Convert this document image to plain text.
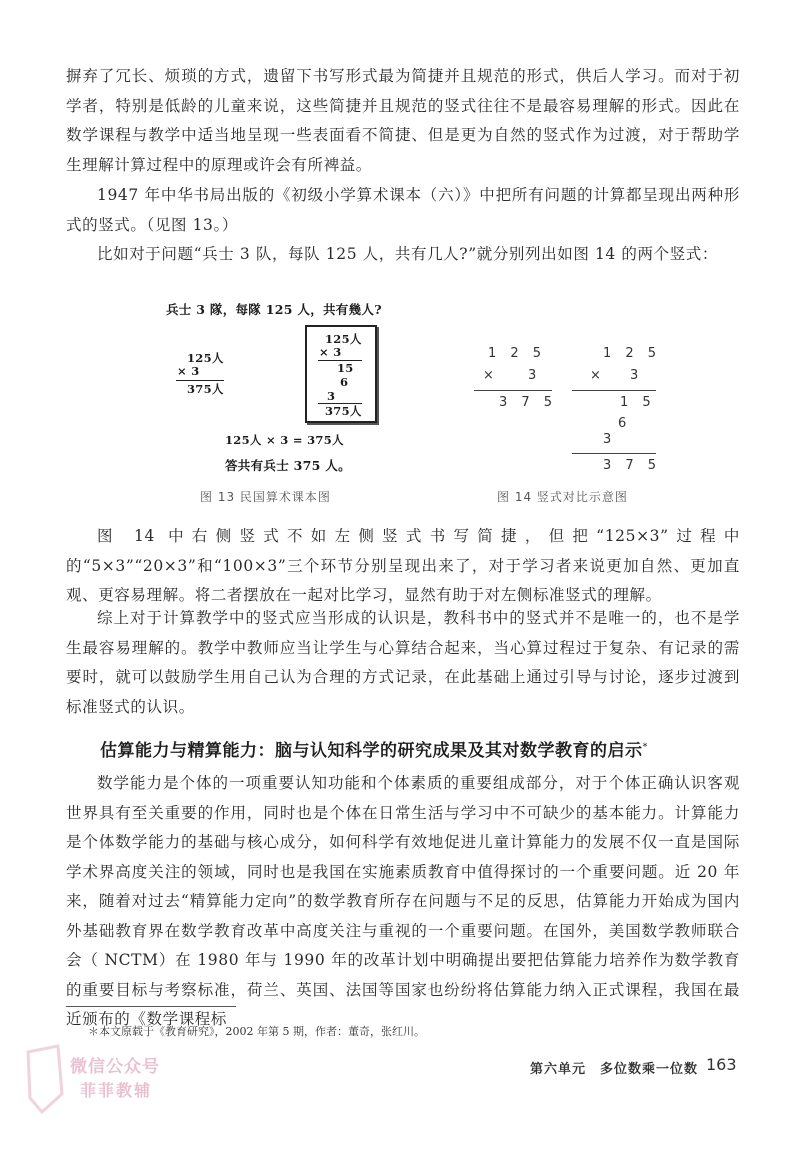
摒弃了冗长、烦琐的方式，遗留下书写形式最为简捷并且规范的形式，供后人学习。而对于初学者，特别是低龄的儿童来说，这些简捷并且规范的竖式往往不是最容易理解的形式。因此在数学课程与教学中适当地呈现一些表面看不简捷、但是更为自然的竖式作为过渡，对于帮助学生理解计算过程中的原理或许会有所裨益。

1947 年中华书局出版的《初级小学算术课本（六）》中把所有问题的计算都呈现出两种形式的竖式。（见图 13。）

比如对于问题“兵士 3 队，每队 125 人，共有几人?”就分别列出如图 14 的两个竖式：

兵士 3 隊，每隊 125 人，共有幾人?
125人
× 3
375人
125人
× 3
15
6
3
375人
125人 × 3 = 375人
答共有兵士 375 人。
图 13 民国算术课本图
1 2 5
× 3
3 7 5
1 2 5
× 3
1 5
6
3
3 7 5
图 14 竖式对比示意图

图 14 中右侧竖式不如左侧竖式书写简捷，但把“125×3”过程中的“5×3”“20×3”和“100×3”三个环节分别呈现出来了，对于学习者来说更加自然、更加直观、更容易理解。将二者摆放在一起对比学习，显然有助于对左侧标准竖式的理解。

综上对于计算教学中的竖式应当形成的认识是，教科书中的竖式并不是唯一的，也不是学生最容易理解的。教学中教师应当让学生与心算结合起来，当心算过程过于复杂、有记录的需要时，就可以鼓励学生用自己认为合理的方式记录，在此基础上通过引导与讨论，逐步过渡到标准竖式的认识。

估算能力与精算能力：脑与认知科学的研究成果及其对数学教育的启示*

数学能力是个体的一项重要认知功能和个体素质的重要组成部分，对于个体正确认识客观世界具有至关重要的作用，同时也是个体在日常生活与学习中不可缺少的基本能力。计算能力是个体数学能力的基础与核心成分，如何科学有效地促进儿童计算能力的发展不仅一直是国际学术界高度关注的领域，同时也是我国在实施素质教育中值得探讨的一个重要问题。近 20 年来，随着对过去“精算能力定向”的数学教育所存在问题与不足的反思，估算能力开始成为国内外基础教育界在数学教育改革中高度关注与重视的一个重要问题。在国外，美国数学教师联合会（ NCTM）在 1980 年与 1990 年的改革计划中明确提出要把估算能力培养作为数学教育的重要目标与考察标准，荷兰、英国、法国等国家也纷纷将估算能力纳入正式课程，我国在最近颁布的《数学课程标

＊本文原载于《教育研究》，2002 年第 5 期，作者：董奇，张红川。
微信公众号
菲菲教辅
第六单元　多位数乘一位数 163
